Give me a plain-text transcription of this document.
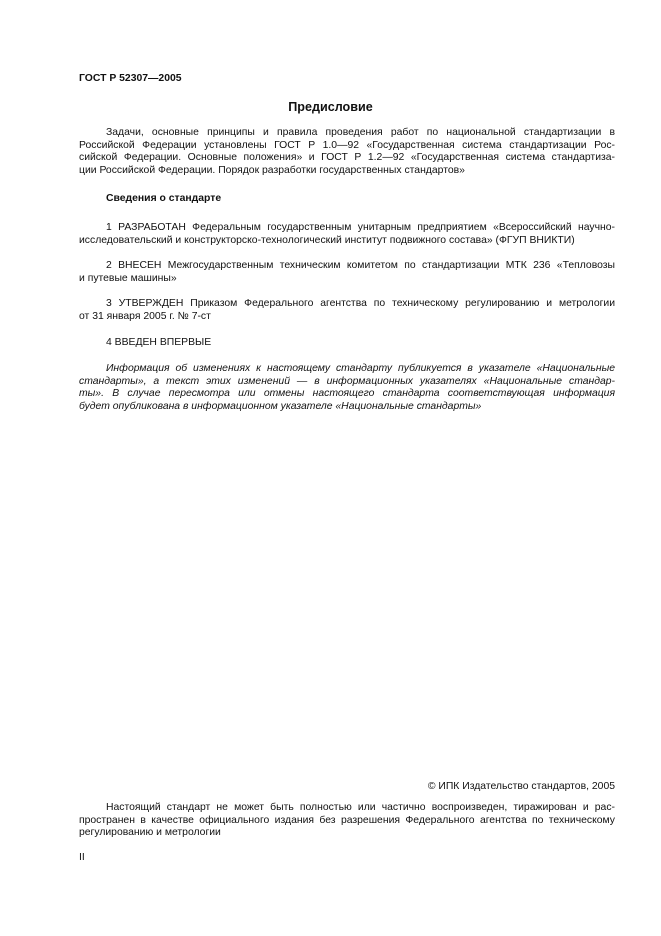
ГОСТ Р 52307—2005
Предисловие
Задачи, основные принципы и правила проведения работ по национальной стандартизации в
Российской Федерации установлены ГОСТ Р 1.0—92 «Государственная система стандартизации Рос-
сийской Федерации. Основные положения» и ГОСТ Р 1.2—92 «Государственная система стандартиза-
ции Российской Федерации. Порядок разработки государственных стандартов»
Сведения о стандарте
1 РАЗРАБОТАН Федеральным государственным унитарным предприятием «Всероссийский научно-
исследовательский и конструкторско-технологический институт подвижного состава» (ФГУП ВНИКТИ)
2 ВНЕСЕН Межгосударственным техническим комитетом по стандартизации МТК 236 «Тепловозы
и путевые машины»
3 УТВЕРЖДЕН Приказом Федерального агентства по техническому регулированию и метрологии
от 31 января 2005 г. № 7-ст
4 ВВЕДЕН ВПЕРВЫЕ
Информация об изменениях к настоящему стандарту публикуется в указателе «Национальные
стандарты», а текст этих изменений — в информационных указателях «Национальные стандар-
ты». В случае пересмотра или отмены настоящего стандарта соответствующая информация
будет опубликована в информационном указателе «Национальные стандарты»
© ИПК Издательство стандартов, 2005
Настоящий стандарт не может быть полностью или частично воспроизведен, тиражирован и рас-
пространен в качестве официального издания без разрешения Федерального агентства по техническому
регулированию и метрологии
II
